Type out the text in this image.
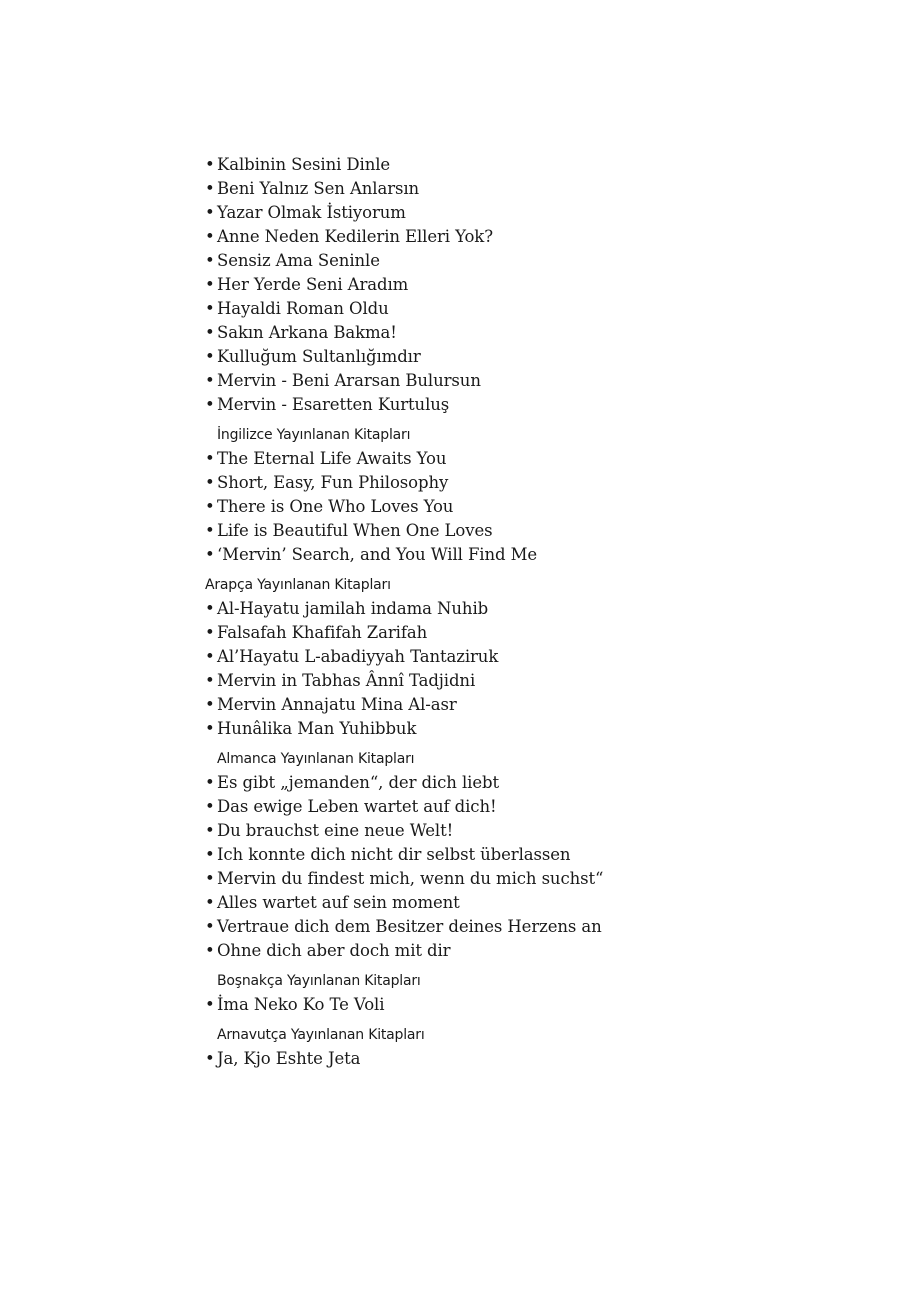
• Kalbinin Sesini Dinle
• Beni Yalnız Sen Anlarsın
• Yazar Olmak İstiyorum
• Anne Neden Kedilerin Elleri Yok?
• Sensiz Ama Seninle
• Her Yerde Seni Aradım
• Hayaldi Roman Oldu
• Sakın Arkana Bakma!
• Kulluğum Sultanlığımdır
• Mervin - Beni Ararsan Bulursun
• Mervin - Esaretten Kurtuluş
İngilizce Yayınlanan Kitapları
• The Eternal Life Awaits You
• Short, Easy, Fun Philosophy
• There is One Who Loves You
• Life is Beautiful When One Loves
• ‘Mervin’ Search, and You Will Find Me
Arapça Yayınlanan Kitapları
• Al-Hayatu jamilah indama Nuhib
• Falsafah Khafifah Zarifah
• Al’Hayatu L-abadiyyah Tantaziruk
• Mervin in Tabhas Ânnî Tadjidni
• Mervin Annajatu Mina Al-asr
• Hunâlika Man Yuhibbuk
Almanca Yayınlanan Kitapları
• Es gibt „jemanden“, der dich liebt
• Das ewige Leben wartet auf dich!
• Du brauchst eine neue Welt!
• Ich konnte dich nicht dir selbst überlassen
• Mervin du findest mich, wenn du mich suchst“
• Alles wartet auf sein moment
• Vertraue dich dem Besitzer deines Herzens an
• Ohne dich aber doch mit dir
Boşnakça Yayınlanan Kitapları
• İma Neko Ko Te Voli
Arnavutça Yayınlanan Kitapları
• Ja, Kjo Eshte Jeta
